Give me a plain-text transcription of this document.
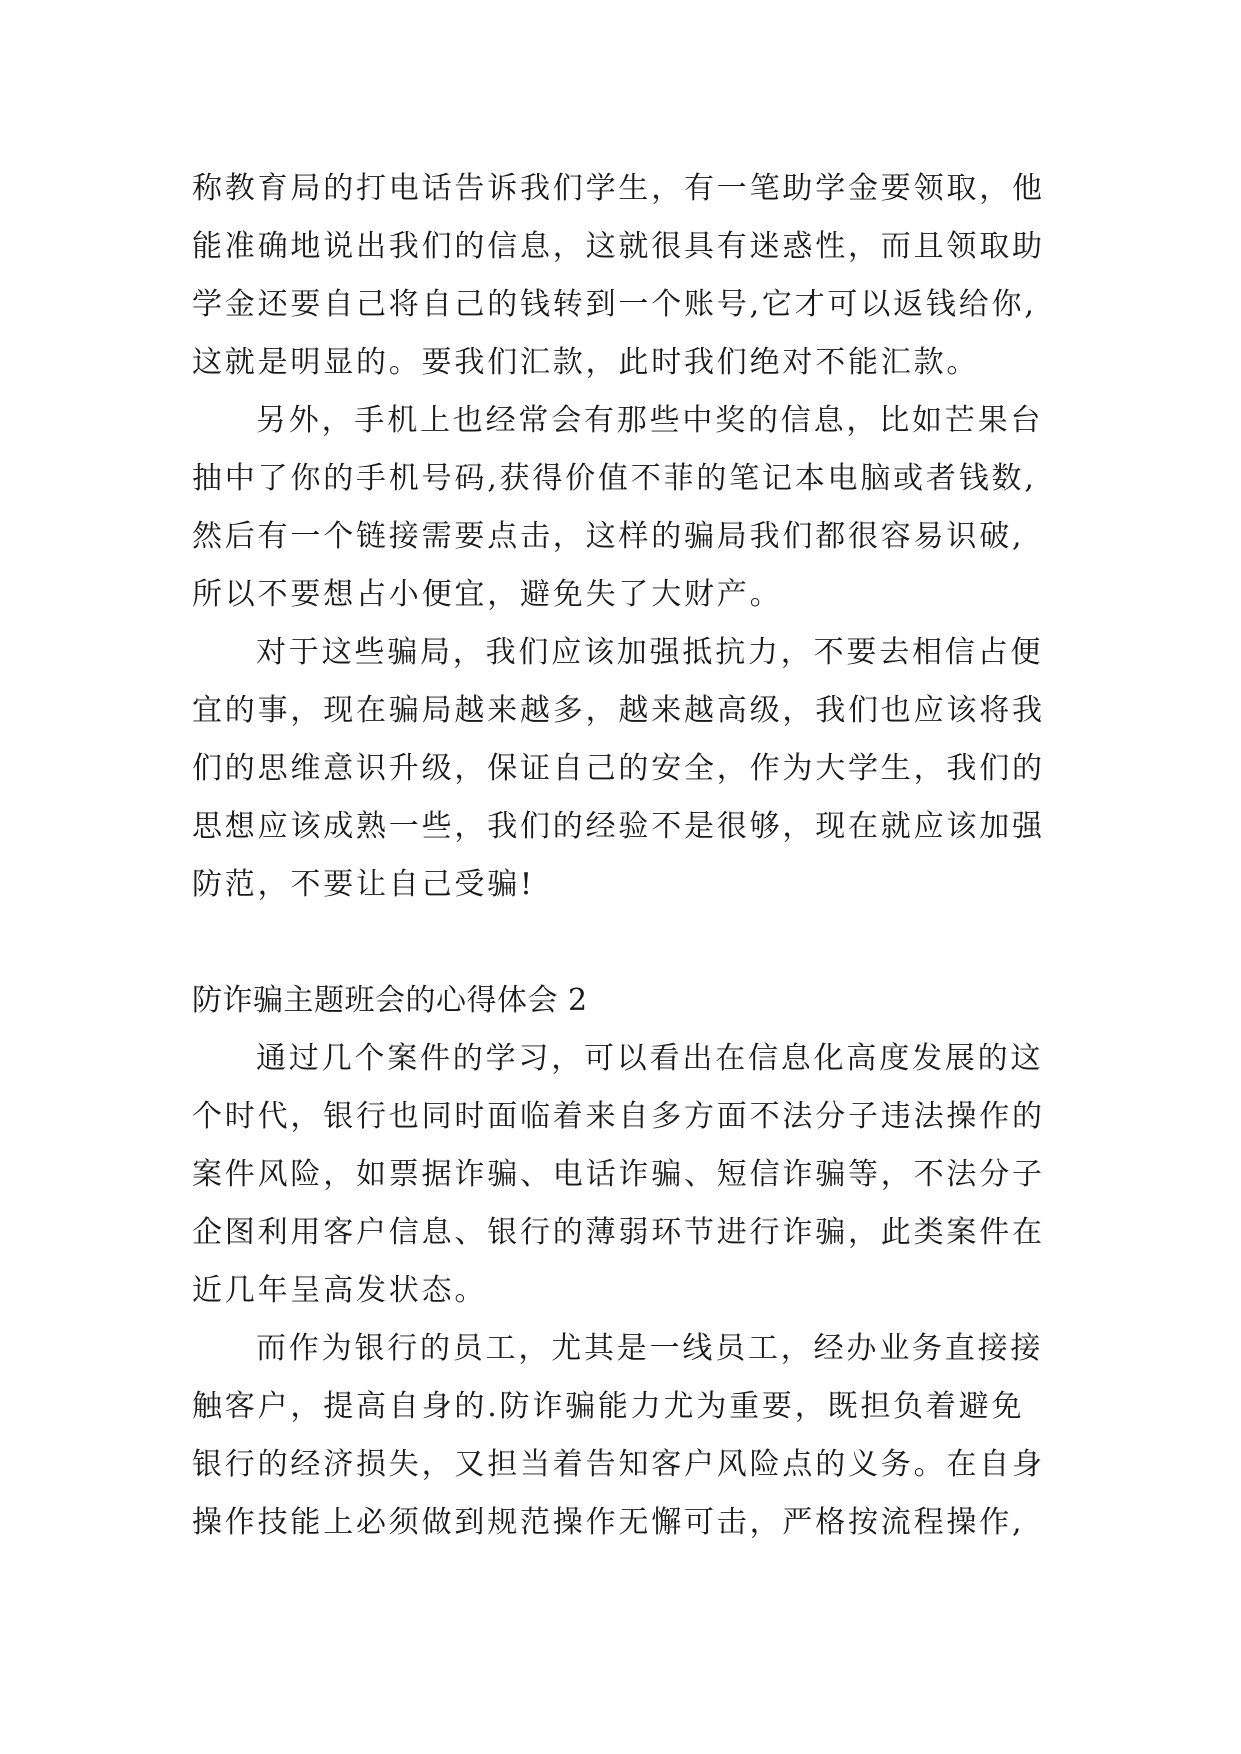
称教育局的打电话告诉我们学生，有一笔助学金要领取，他
能准确地说出我们的信息，这就很具有迷惑性，而且领取助
学金还要自己将自己的钱转到一个账号,它才可以返钱给你,
这就是明显的。要我们汇款，此时我们绝对不能汇款。
另外，手机上也经常会有那些中奖的信息，比如芒果台
抽中了你的手机号码,获得价值不菲的笔记本电脑或者钱数,
然后有一个链接需要点击，这样的骗局我们都很容易识破,
所以不要想占小便宜，避免失了大财产。
对于这些骗局，我们应该加强抵抗力，不要去相信占便
宜的事，现在骗局越来越多，越来越高级，我们也应该将我
们的思维意识升级，保证自己的安全，作为大学生，我们的
思想应该成熟一些，我们的经验不是很够，现在就应该加强
防范，不要让自己受骗!
防诈骗主题班会的心得体会 2
通过几个案件的学习，可以看出在信息化高度发展的这
个时代，银行也同时面临着来自多方面不法分子违法操作的
案件风险，如票据诈骗、电话诈骗、短信诈骗等，不法分子
企图利用客户信息、银行的薄弱环节进行诈骗，此类案件在
近几年呈高发状态。
而作为银行的员工，尤其是一线员工，经办业务直接接
触客户，提高自身的.防诈骗能力尤为重要，既担负着避免
银行的经济损失，又担当着告知客户风险点的义务。在自身
操作技能上必须做到规范操作无懈可击，严格按流程操作,
